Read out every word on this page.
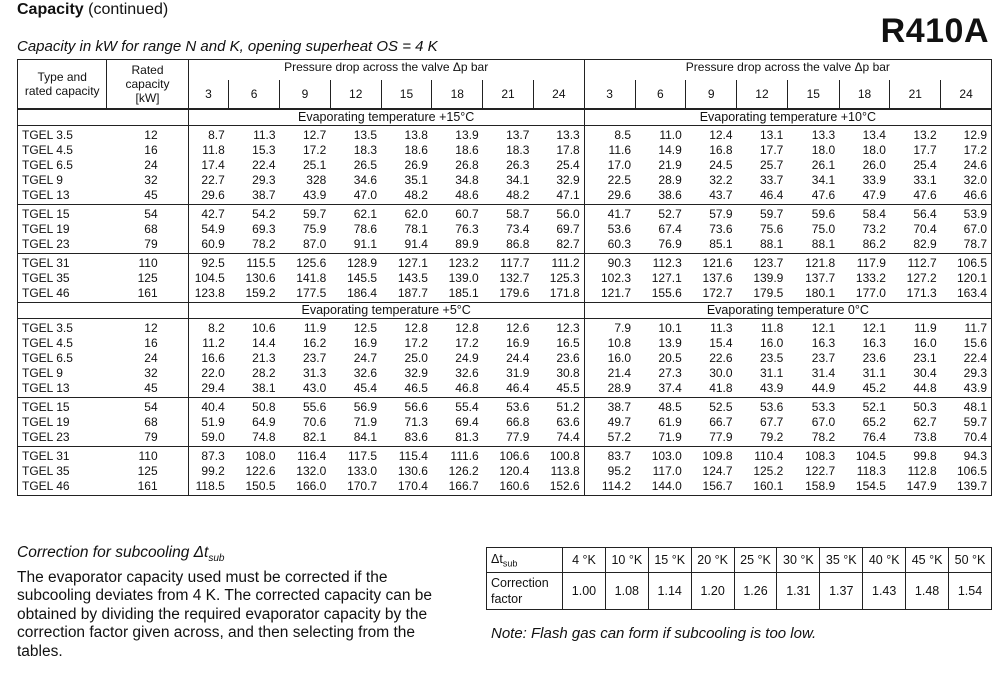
Capacity (continued)
R410A
Capacity in kW for range N and K, opening superheat OS = 4 K
Type and rated capacity	Rated capacity [kW]	Pressure drop across the valve Δp bar								Pressure drop across the valve Δp bar							
		3	6	9	12	15	18	21	24	3	6	9	12	15	18	21	24
		Evaporating temperature +15°C								Evaporating temperature +10°C							
TGEL 3.5	12	8.7	11.3	12.7	13.5	13.8	13.9	13.7	13.3	8.5	11.0	12.4	13.1	13.3	13.4	13.2	12.9
TGEL 4.5	16	11.8	15.3	17.2	18.3	18.6	18.6	18.3	17.8	11.6	14.9	16.8	17.7	18.0	18.0	17.7	17.2
TGEL 6.5	24	17.4	22.4	25.1	26.5	26.9	26.8	26.3	25.4	17.0	21.9	24.5	25.7	26.1	26.0	25.4	24.6
TGEL 9	32	22.7	29.3	328	34.6	35.1	34.8	34.1	32.9	22.5	28.9	32.2	33.7	34.1	33.9	33.1	32.0
TGEL 13	45	29.6	38.7	43.9	47.0	48.2	48.6	48.2	47.1	29.6	38.6	43.7	46.4	47.6	47.9	47.6	46.6
TGEL 15	54	42.7	54.2	59.7	62.1	62.0	60.7	58.7	56.0	41.7	52.7	57.9	59.7	59.6	58.4	56.4	53.9
TGEL 19	68	54.9	69.3	75.9	78.6	78.1	76.3	73.4	69.7	53.6	67.4	73.6	75.6	75.0	73.2	70.4	67.0
TGEL 23	79	60.9	78.2	87.0	91.1	91.4	89.9	86.8	82.7	60.3	76.9	85.1	88.1	88.1	86.2	82.9	78.7
TGEL 31	110	92.5	115.5	125.6	128.9	127.1	123.2	117.7	111.2	90.3	112.3	121.6	123.7	121.8	117.9	112.7	106.5
TGEL 35	125	104.5	130.6	141.8	145.5	143.5	139.0	132.7	125.3	102.3	127.1	137.6	139.9	137.7	133.2	127.2	120.1
TGEL 46	161	123.8	159.2	177.5	186.4	187.7	185.1	179.6	171.8	121.7	155.6	172.7	179.5	180.1	177.0	171.3	163.4
		Evaporating temperature +5°C								Evaporating temperature 0°C							
TGEL 3.5	12	8.2	10.6	11.9	12.5	12.8	12.8	12.6	12.3	7.9	10.1	11.3	11.8	12.1	12.1	11.9	11.7
TGEL 4.5	16	11.2	14.4	16.2	16.9	17.2	17.2	16.9	16.5	10.8	13.9	15.4	16.0	16.3	16.3	16.0	15.6
TGEL 6.5	24	16.6	21.3	23.7	24.7	25.0	24.9	24.4	23.6	16.0	20.5	22.6	23.5	23.7	23.6	23.1	22.4
TGEL 9	32	22.0	28.2	31.3	32.6	32.9	32.6	31.9	30.8	21.4	27.3	30.0	31.1	31.4	31.1	30.4	29.3
TGEL 13	45	29.4	38.1	43.0	45.4	46.5	46.8	46.4	45.5	28.9	37.4	41.8	43.9	44.9	45.2	44.8	43.9
TGEL 15	54	40.4	50.8	55.6	56.9	56.6	55.4	53.6	51.2	38.7	48.5	52.5	53.6	53.3	52.1	50.3	48.1
TGEL 19	68	51.9	64.9	70.6	71.9	71.3	69.4	66.8	63.6	49.7	61.9	66.7	67.7	67.0	65.2	62.7	59.7
TGEL 23	79	59.0	74.8	82.1	84.1	83.6	81.3	77.9	74.4	57.2	71.9	77.9	79.2	78.2	76.4	73.8	70.4
TGEL 31	110	87.3	108.0	116.4	117.5	115.4	111.6	106.6	100.8	83.7	103.0	109.8	110.4	108.3	104.5	99.8	94.3
TGEL 35	125	99.2	122.6	132.0	133.0	130.6	126.2	120.4	113.8	95.2	117.0	124.7	125.2	122.7	118.3	112.8	106.5
TGEL 46	161	118.5	150.5	166.0	170.7	170.4	166.7	160.6	152.6	114.2	144.0	156.7	160.1	158.9	154.5	147.9	139.7
Correction for subcooling $\Delta t_{sub}$
The evaporator capacity used must be corrected if the subcooling deviates from 4 K. The corrected capacity can be obtained by dividing the required evaporator capacity by the correction factor given across, and then selecting from the tables.
$\Delta t_{sub}$	4 °K	10 °K	15 °K	20 °K	25 °K	30 °K	35 °K	40 °K	45 °K	50 °K
Correction factor	1.00	1.08	1.14	1.20	1.26	1.31	1.37	1.43	1.48	1.54
Note: Flash gas can form if subcooling is too low.
